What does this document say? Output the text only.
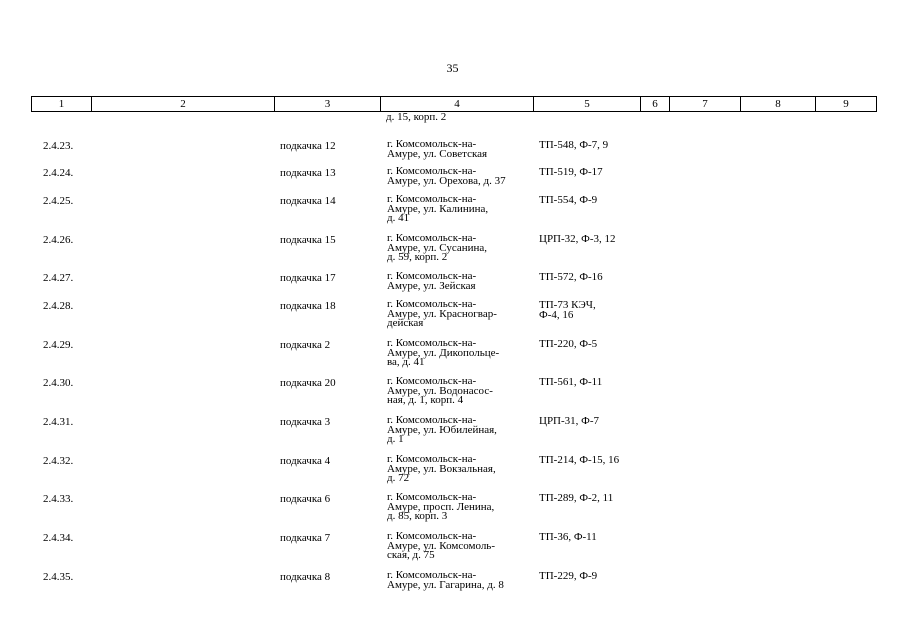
35
1	2	3	4	5	6	7	8	9
д. 15, корп. 2
2.4.23.	подкачка 12	г. Комсомольск-на-
Амуре, ул. Советская
ТП-548, Ф-7, 9
2.4.24.	подкачка 13	г. Комсомольск-на-
Амуре, ул. Орехова, д. 37
ТП-519, Ф-17
2.4.25.	подкачка 14	г. Комсомольск-на-
Амуре, ул. Калинина,
д. 41
ТП-554, Ф-9
2.4.26.	подкачка 15	г. Комсомольск-на-
Амуре, ул. Сусанина,
д. 59, корп. 2
ЦРП-32, Ф-3, 12
2.4.27.	подкачка 17	г. Комсомольск-на-
Амуре, ул. Зейская
ТП-572, Ф-16
2.4.28.	подкачка 18	г. Комсомольск-на-
Амуре, ул. Красногвар-
дейская
ТП-73 КЭЧ,
Ф-4, 16
2.4.29.	подкачка 2	г. Комсомольск-на-
Амуре, ул. Дикопольце-
ва, д. 41
ТП-220, Ф-5
2.4.30.	подкачка 20	г. Комсомольск-на-
Амуре, ул. Водонасос-
ная, д. 1, корп. 4
ТП-561, Ф-11
2.4.31.	подкачка 3	г. Комсомольск-на-
Амуре, ул. Юбилейная,
д. 1
ЦРП-31, Ф-7
2.4.32.	подкачка 4	г. Комсомольск-на-
Амуре, ул. Вокзальная,
д. 72
ТП-214, Ф-15, 16
2.4.33.	подкачка 6	г. Комсомольск-на-
Амуре, просп. Ленина,
д. 85, корп. 3
ТП-289, Ф-2, 11
2.4.34.	подкачка 7	г. Комсомольск-на-
Амуре, ул. Комсомоль-
ская, д. 75
ТП-36, Ф-11
2.4.35.	подкачка 8	г. Комсомольск-на-
Амуре, ул. Гагарина, д. 8
ТП-229, Ф-9
